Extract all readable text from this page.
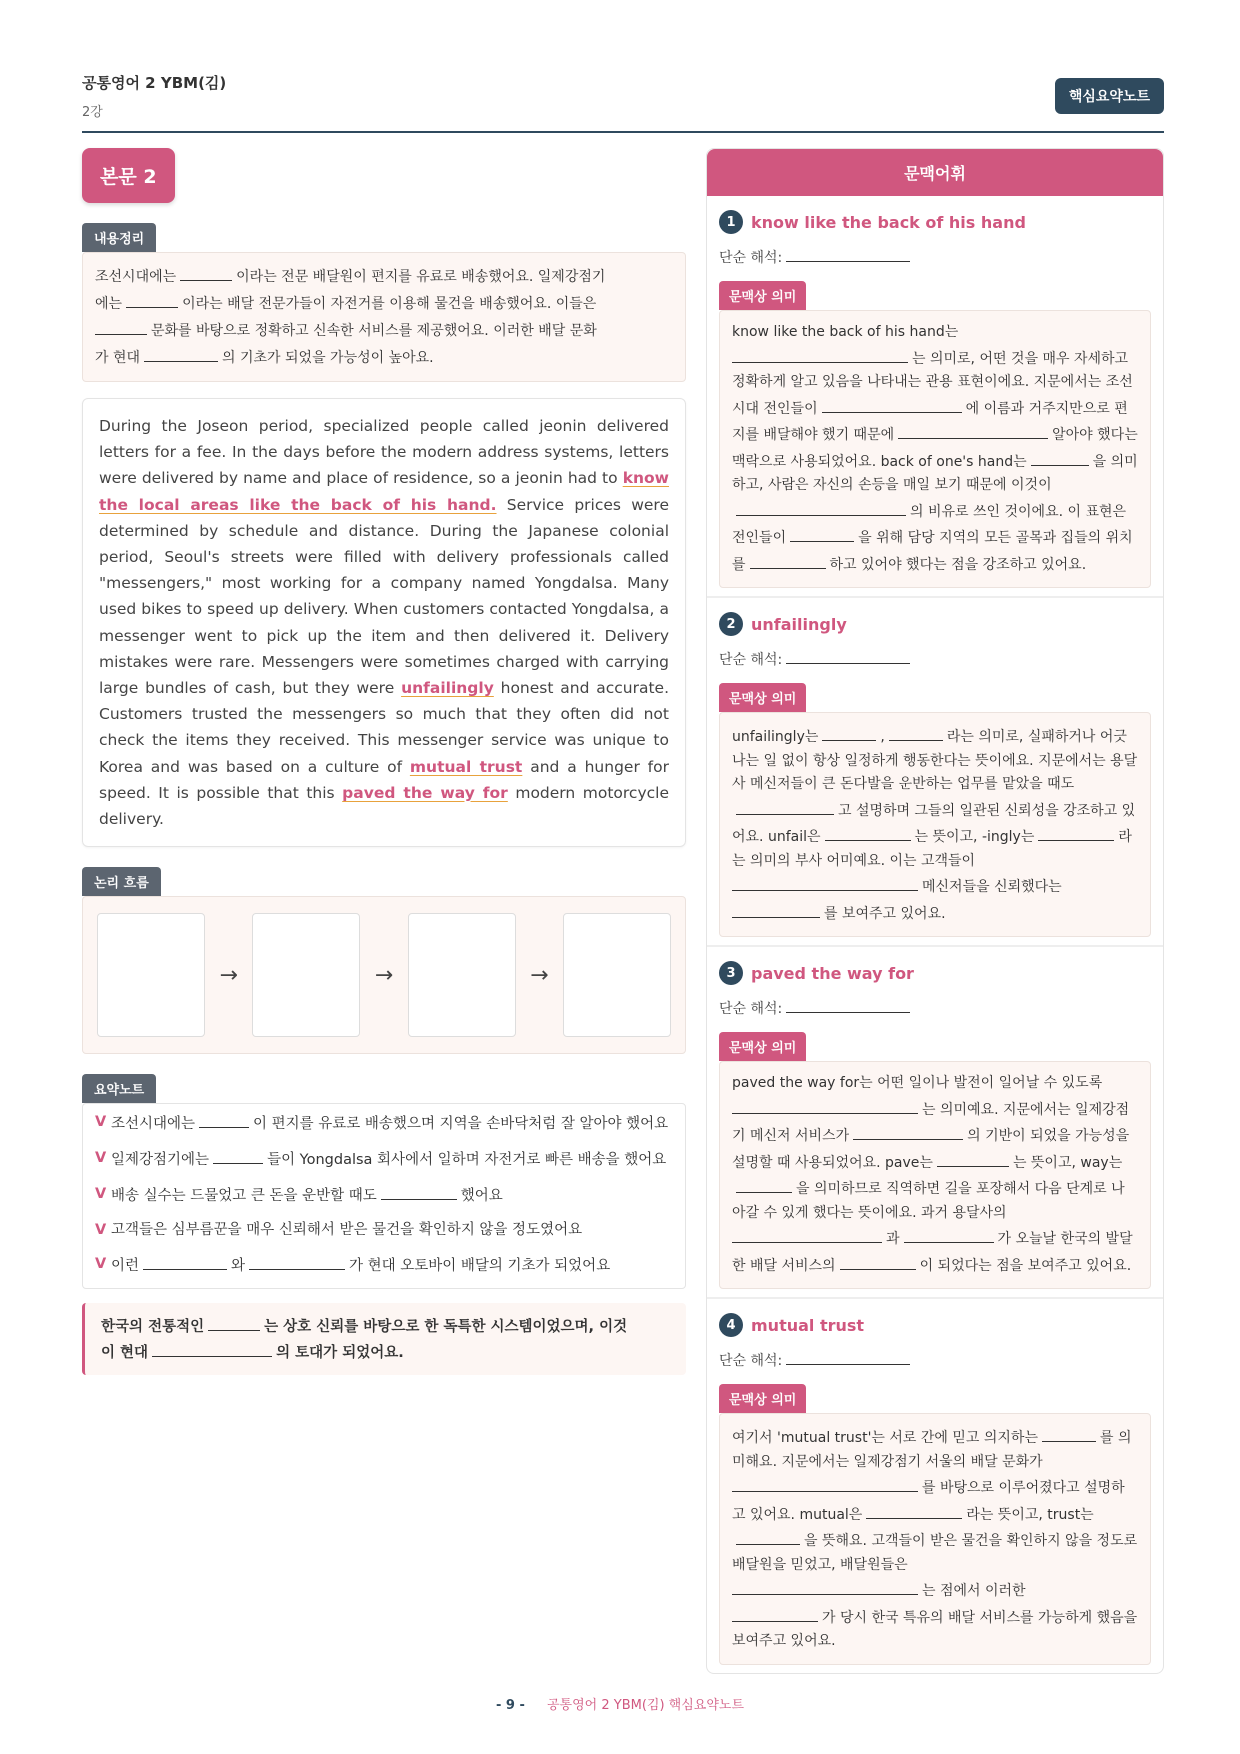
공통영어 2 YBM(김)
2강
핵심요약노트
본문 2
내용정리
조선시대에는	이라는 전문 배달원이 편지를 유료로 배송했어요. 일제강점기
에는	이라는 배달 전문가들이 자전거를 이용해 물건을 배송했어요. 이들은
문화를 바탕으로 정확하고 신속한 서비스를 제공했어요. 이러한 배달 문화
가 현대	의 기초가 되었을 가능성이 높아요.
During the Joseon period, specialized people called jeonin delivered letters for a fee. In the days before the modern address systems, letters were delivered by name and place of residence, so a jeonin had to know the local areas like the back of his hand. Service prices were determined by schedule and distance. During the Japanese colonial period, Seoul's streets were filled with delivery professionals called "messengers," most working for a company named Yongdalsa. Many used bikes to speed up delivery. When customers contacted Yongdalsa, a messenger went to pick up the item and then delivered it. Delivery mistakes were rare. Messengers were sometimes charged with carrying large bundles of cash, but they were unfailingly honest and accurate. Customers trusted the messengers so much that they often did not check the items they received. This messenger service was unique to Korea and was based on a culture of mutual trust and a hunger for speed. It is possible that this paved the way for modern motorcycle delivery.
논리 흐름
→	→	→
요약노트
V 조선시대에는	이 편지를 유료로 배송했으며 지역을 손바닥처럼 잘 알아야 했어요
V 일제강점기에는	들이 Yongdalsa 회사에서 일하며 자전거로 빠른 배송을 했어요
V 배송 실수는 드물었고 큰 돈을 운반할 때도	했어요
V 고객들은 심부름꾼을 매우 신뢰해서 받은 물건을 확인하지 않을 정도였어요
V 이런	와	가 현대 오토바이 배달의 기초가 되었어요
한국의 전통적인	는 상호 신뢰를 바탕으로 한 독특한 시스템이었으며, 이것
이 현대	의 토대가 되었어요.
문맥어휘
1 know like the back of his hand
단순 해석:
문맥상 의미
know like the back of his hand는
는 의미로, 어떤 것을 매우 자세하고 정확하게 알고 있음을 나타내는 관용 표현이에요. 지문에서는 조선시대 전인들이	에 이름과 거주지만으로 편지를 배달해야 했기 때문에	알아야 했다는 맥락으로 사용되었어요. back of one's hand는	을 의미하고, 사람은 자신의 손등을 매일 보기 때문에 이것이의 비유로 쓰인 것이에요. 이 표현은 전인들이	을 위해 담당 지역의 모든 골목과 집들의 위치를	하고 있어야 했다는 점을 강조하고 있어요.
2 unfailingly
단순 해석:
문맥상 의미
unfailingly는	,	라는 의미로, 실패하거나 어긋나는 일 없이 항상 일정하게 행동한다는 뜻이에요. 지문에서는 용달사 메신저들이 큰 돈다발을 운반하는 업무를 맡았을 때도고 설명하며 그들의 일관된 신뢰성을 강조하고 있어요. unfail은	는 뜻이고, -ingly는	라는 의미의 부사 어미예요. 이는 고객들이
메신저들을 신뢰했다는
를 보여주고 있어요.
3 paved the way for
단순 해석:
문맥상 의미
paved the way for는 어떤 일이나 발전이 일어날 수 있도록
는 의미예요. 지문에서는 일제강점기 메신저 서비스가	의 기반이 되었을 가능성을 설명할 때 사용되었어요. pave는	는 뜻이고, way는을 의미하므로 직역하면 길을 포장해서 다음 단계로 나아갈 수 있게 했다는 뜻이에요. 과거 용달사의
과	가 오늘날 한국의 발달한 배달 서비스의	이 되었다는 점을 보여주고 있어요.
4 mutual trust
단순 해석:
문맥상 의미
여기서 'mutual trust'는 서로 간에 믿고 의지하는	를 의미해요. 지문에서는 일제강점기 서울의 배달 문화가
를 바탕으로 이루어졌다고 설명하고 있어요. mutual은	라는 뜻이고, trust는을 뜻해요. 고객들이 받은 물건을 확인하지 않을 정도로 배달원을 믿었고, 배달원들은
는 점에서 이러한
가 당시 한국 특유의 배달 서비스를 가능하게 했음을 보여주고 있어요.
- 9 - 공통영어 2 YBM(김) 핵심요약노트
